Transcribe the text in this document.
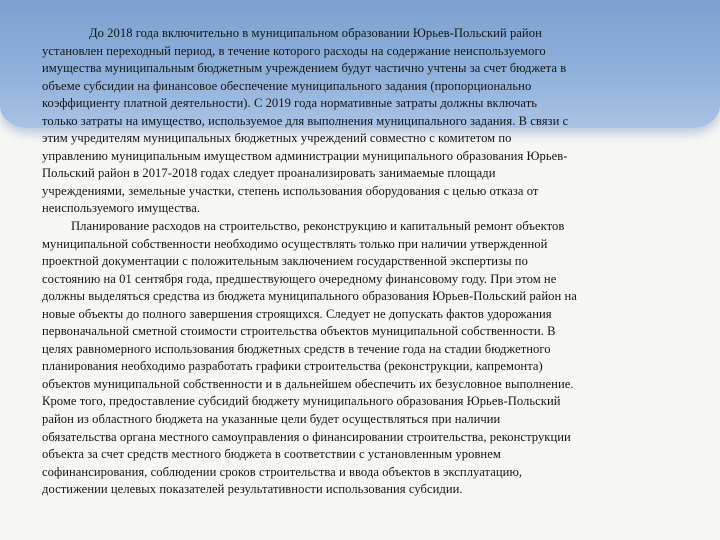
До 2018 года включительно в муниципальном образовании Юрьев-Польский район
установлен переходный период, в течение которого расходы на содержание неиспользуемого
имущества муниципальным бюджетным учреждением будут частично учтены за счет бюджета в
объеме субсидии на финансовое обеспечение муниципального задания (пропорционально
коэффициенту платной деятельности). С 2019 года нормативные затраты должны включать
только затраты на имущество, используемое для выполнения муниципального задания. В связи с
этим учредителям муниципальных бюджетных учреждений совместно с комитетом по
управлению муниципальным имуществом администрации муниципального образования Юрьев-
Польский район в 2017-2018 годах следует проанализировать занимаемые площади
учреждениями, земельные участки, степень использования оборудования с целью отказа от
неиспользуемого имущества.

Планирование расходов на строительство, реконструкцию и капитальный ремонт объектов
муниципальной собственности необходимо осуществлять только при наличии утвержденной
проектной документации с положительным заключением государственной экспертизы по
состоянию на 01 сентября года, предшествующего очередному финансовому году. При этом не
должны выделяться средства из бюджета муниципального образования Юрьев-Польский район на
новые объекты до полного завершения строящихся. Следует не допускать фактов удорожания
первоначальной сметной стоимости строительства объектов муниципальной собственности. В
целях равномерного использования бюджетных средств в течение года на стадии бюджетного
планирования необходимо разработать графики строительства (реконструкции, капремонта)
объектов муниципальной собственности и в дальнейшем обеспечить их безусловное выполнение.
Кроме того, предоставление субсидий бюджету муниципального образования Юрьев-Польский
район из областного бюджета на указанные цели будет осуществляться при наличии
обязательства органа местного самоуправления о финансировании строительства, реконструкции
объекта за счет средств местного бюджета в соответствии с установленным уровнем
софинансирования, соблюдении сроков строительства и ввода объектов в эксплуатацию,
достижении целевых показателей результативности использования субсидии.
